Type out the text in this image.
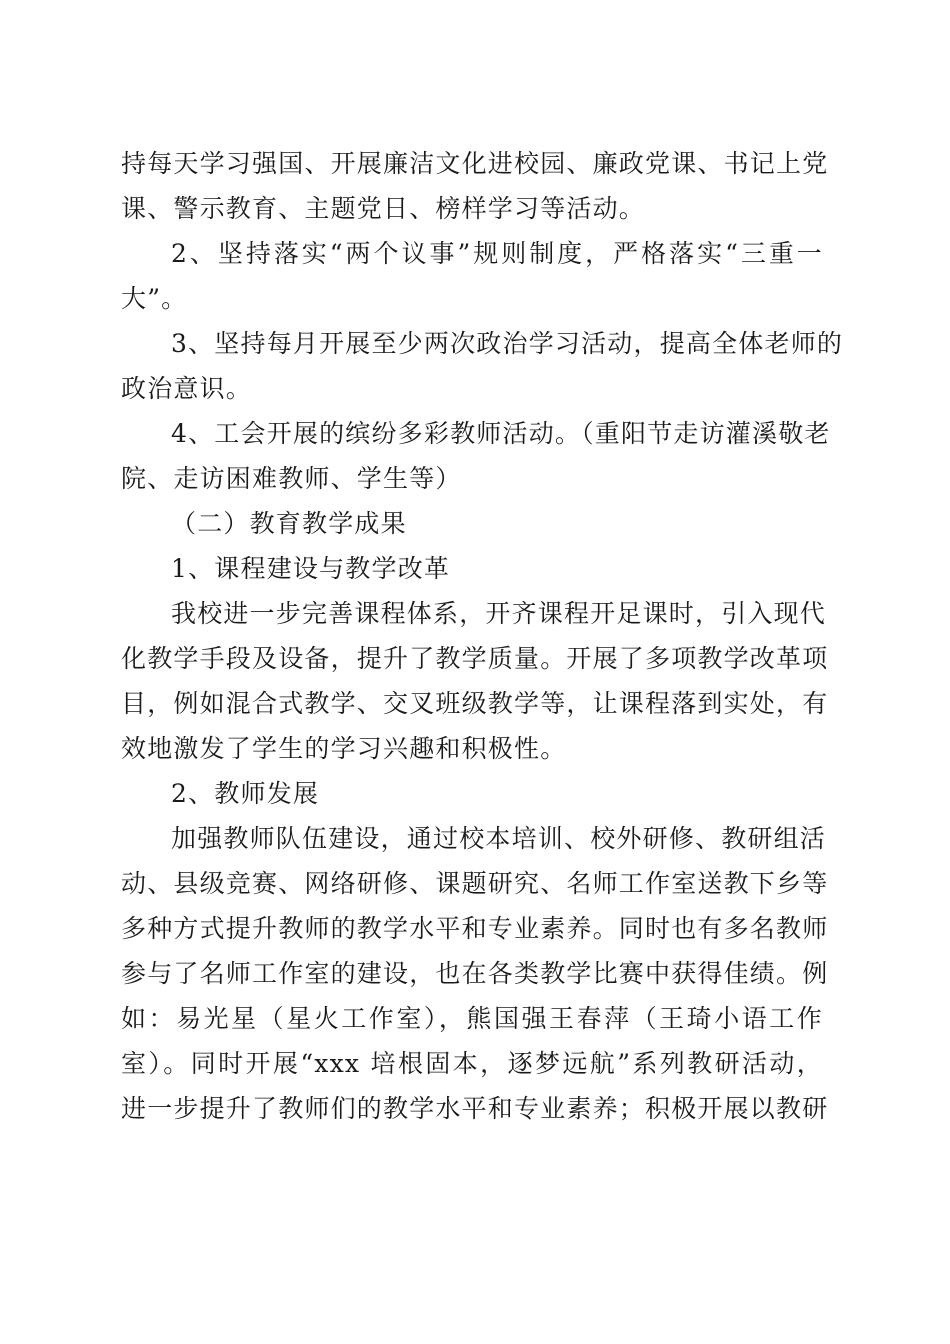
持每天学习强国、开展廉洁文化进校园、廉政党课、书记上党
课、警示教育、主题党日、榜样学习等活动。
2、坚持落实“两个议事”规则制度，严格落实“三重一
大”。
3、坚持每月开展至少两次政治学习活动，提高全体老师的
政治意识。
4、工会开展的缤纷多彩教师活动。（重阳节走访灌溪敬老
院、走访困难教师、学生等）
（二）教育教学成果
1、课程建设与教学改革
我校进一步完善课程体系，开齐课程开足课时，引入现代
化教学手段及设备，提升了教学质量。开展了多项教学改革项
目，例如混合式教学、交叉班级教学等，让课程落到实处，有
效地激发了学生的学习兴趣和积极性。
2、教师发展
加强教师队伍建设，通过校本培训、校外研修、教研组活
动、县级竞赛、网络研修、课题研究、名师工作室送教下乡等
多种方式提升教师的教学水平和专业素养。同时也有多名教师
参与了名师工作室的建设，也在各类教学比赛中获得佳绩。例
如：易光星（星火工作室），熊国强王春萍（王琦小语工作
室）。同时开展“xxx 培根固本，逐梦远航”系列教研活动，
进一步提升了教师们的教学水平和专业素养；积极开展以教研
